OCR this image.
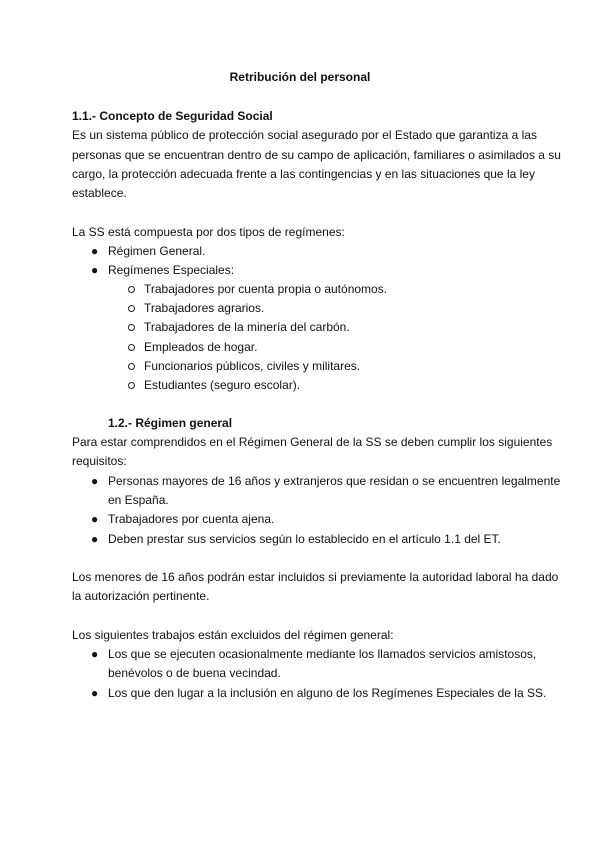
Retribución del personal
1.1.- Concepto de Seguridad Social
Es un sistema público de protección social asegurado por el Estado que garantiza a las
personas que se encuentran dentro de su campo de aplicación, familiares o asimilados a su
cargo, la protección adecuada frente a las contingencias y en las situaciones que la ley
establece.
La SS está compuesta por dos tipos de regímenes:
● Régimen General.
● Regímenes Especiales:
Trabajadores por cuenta propia o autónomos.
Trabajadores agrarios.
Trabajadores de la minería del carbón.
Empleados de hogar.
Funcionarios públicos, civiles y militares.
Estudiantes (seguro escolar).
1.2.- Régimen general
Para estar comprendidos en el Régimen General de la SS se deben cumplir los siguientes
requisitos:
● Personas mayores de 16 años y extranjeros que residan o se encuentren legalmente
en España.
● Trabajadores por cuenta ajena.
● Deben prestar sus servicios según lo establecido en el artículo 1.1 del ET.
Los menores de 16 años podrán estar incluidos si previamente la autoridad laboral ha dado
la autorización pertinente.
Los siguientes trabajos están excluidos del régimen general:
● Los que se ejecuten ocasionalmente mediante los llamados servicios amistosos,
benévolos o de buena vecindad.
● Los que den lugar a la inclusión en alguno de los Regímenes Especiales de la SS.
